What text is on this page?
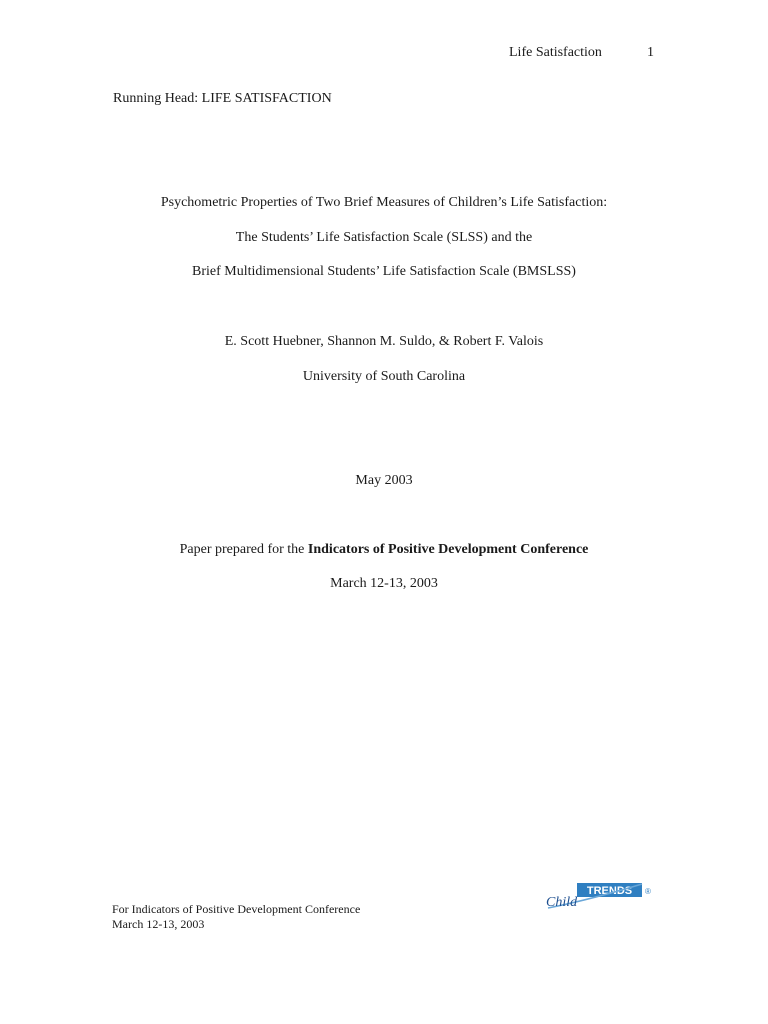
Life Satisfaction	1
Running Head: LIFE SATISFACTION
Psychometric Properties of Two Brief Measures of Children’s Life Satisfaction:
The Students’ Life Satisfaction Scale (SLSS) and the
Brief Multidimensional Students’ Life Satisfaction Scale (BMSLSS)
E. Scott Huebner, Shannon M. Suldo, & Robert F. Valois
University of South Carolina
May 2003
Paper prepared for the Indicators of Positive Development Conference
March 12-13, 2003
For Indicators of Positive Development Conference
March 12-13, 2003
TRENDS ®
Child
